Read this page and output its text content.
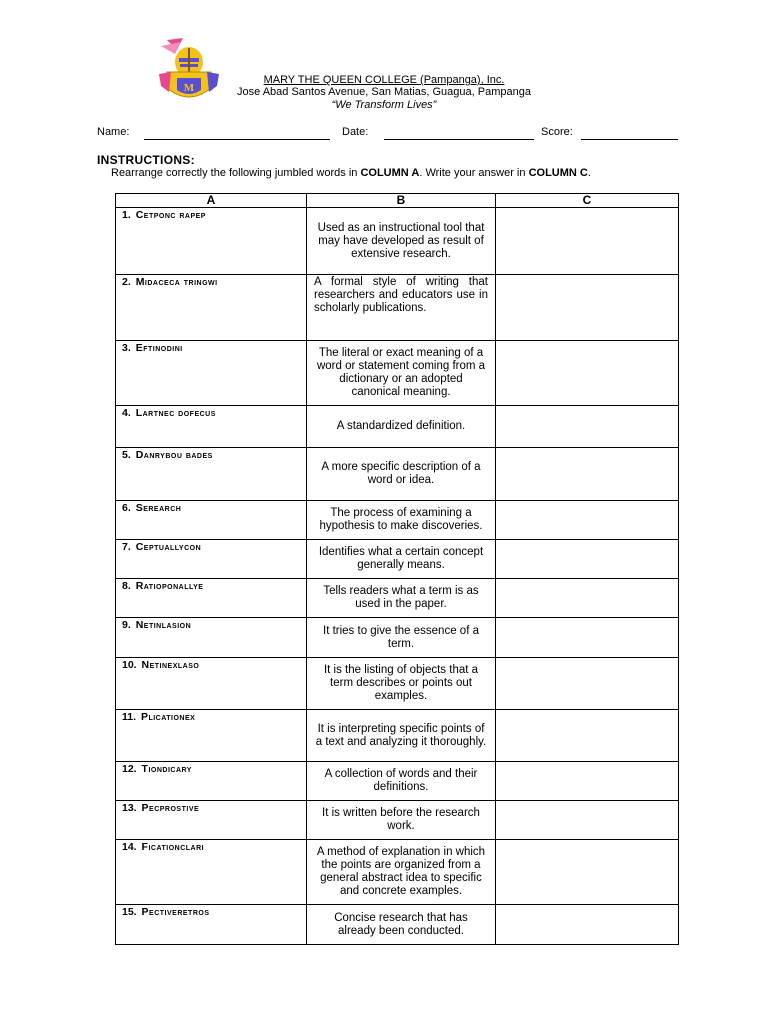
M
MARY THE QUEEN COLLEGE (Pampanga), Inc.
Jose Abad Santos Avenue, San Matias, Guagua, Pampanga
“We Transform Lives”
Name:	Date:	Score:
INSTRUCTIONS:
Rearrange correctly the following jumbled words in COLUMN A. Write your answer in COLUMN C.
A	B	C
1. Cetponc rapep	Used as an instructional tool that may have developed as result of extensive research.	
2. Midaceca tringwi	A formal style of writing that researchers and educators use in scholarly publications.	
3. Eftinodini	The literal or exact meaning of a word or statement coming from a dictionary or an adopted canonical meaning.	
4. Lartnec dofecus	A standardized definition.	
5. Danrybou bades	A more specific description of a word or idea.	
6. Serearch	The process of examining a hypothesis to make discoveries.	
7. Ceptuallycon	Identifies what a certain concept generally means.	
8. Ratioponallye	Tells readers what a term is as used in the paper.	
9. Netinlasion	It tries to give the essence of a term.	
10. Netinexlaso	It is the listing of objects that a term describes or points out examples.	
11. Plicationex	It is interpreting specific points of a text and analyzing it thoroughly.	
12. Tiondicary	A collection of words and their definitions.	
13. Pecprostive	It is written before the research work.	
14. Ficationclari	A method of explanation in which the points are organized from a general abstract idea to specific and concrete examples.	
15. Pectiveretros	Concise research that has already been conducted.	
